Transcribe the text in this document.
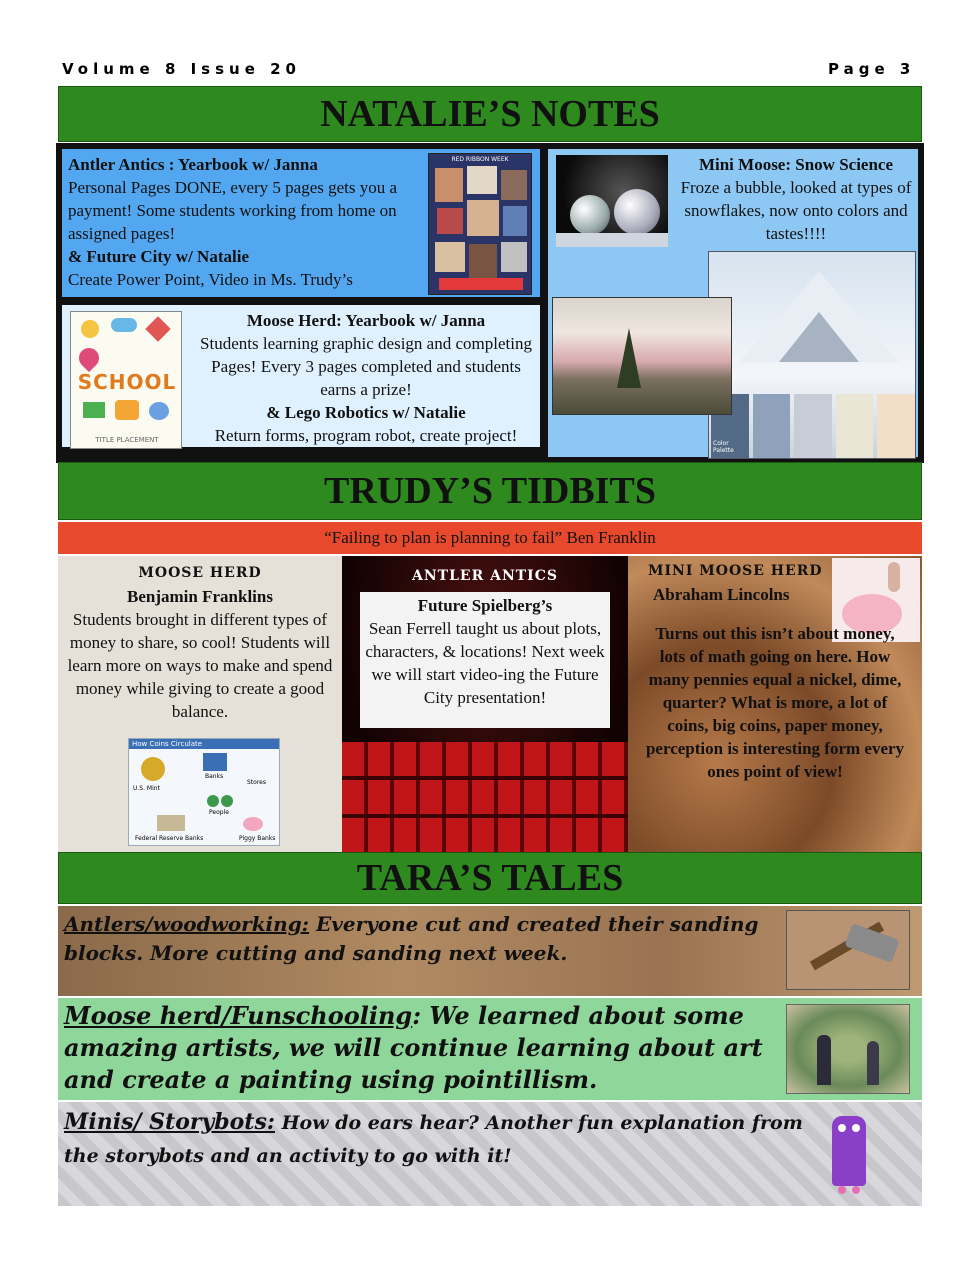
Volume 8 Issue 20	Page 3
NATALIE’S NOTES
Antler Antics : Yearbook w/ Janna
Personal Pages DONE, every 5 pages gets you a payment! Some students working from home on assigned pages!
& Future City w/ Natalie
Create Power Point, Video in Ms. Trudy’s
RED RIBBON WEEK
SCHOOL
TITLE PLACEMENT
Moose Herd: Yearbook w/ Janna
Students learning graphic design and completing Pages! Every 3 pages completed and students earns a prize!
& Lego Robotics w/ Natalie
Return forms, program robot, create project!
Mini Moose: Snow Science
Froze a bubble, looked at types of snowflakes, now onto colors and tastes!!!!
Color Palette
TRUDY’S TIDBITS
“Failing to plan is planning to fail” Ben Franklin
MOOSE HERD
Benjamin Franklins
Students brought in different types of money to share, so cool! Students will learn more on ways to make and spend money while giving to create a good balance.
How Coins Circulate
U.S. Mint
Banks
Stores
People
Federal Reserve Banks	Piggy Banks
ANTLER ANTICS
Future Spielberg’s
Sean Ferrell taught us about plots, characters, & locations! Next week we will start video-ing the Future City presentation!
MINI MOOSE HERD
Abraham Lincolns
Turns out this isn’t about money, lots of math going on here. How many pennies equal a nickel, dime, quarter? What is more, a lot of coins, big coins, paper money, perception is interesting form every ones point of view!
TARA’S TALES
Antlers/woodworking: Everyone cut and created their sanding blocks. More cutting and sanding next week.
Moose herd/Funschooling: We learned about some amazing artists, we will continue learning about art and create a painting using pointillism.
Minis/ Storybots: How do ears hear? Another fun explanation from the storybots and an activity to go with it!
